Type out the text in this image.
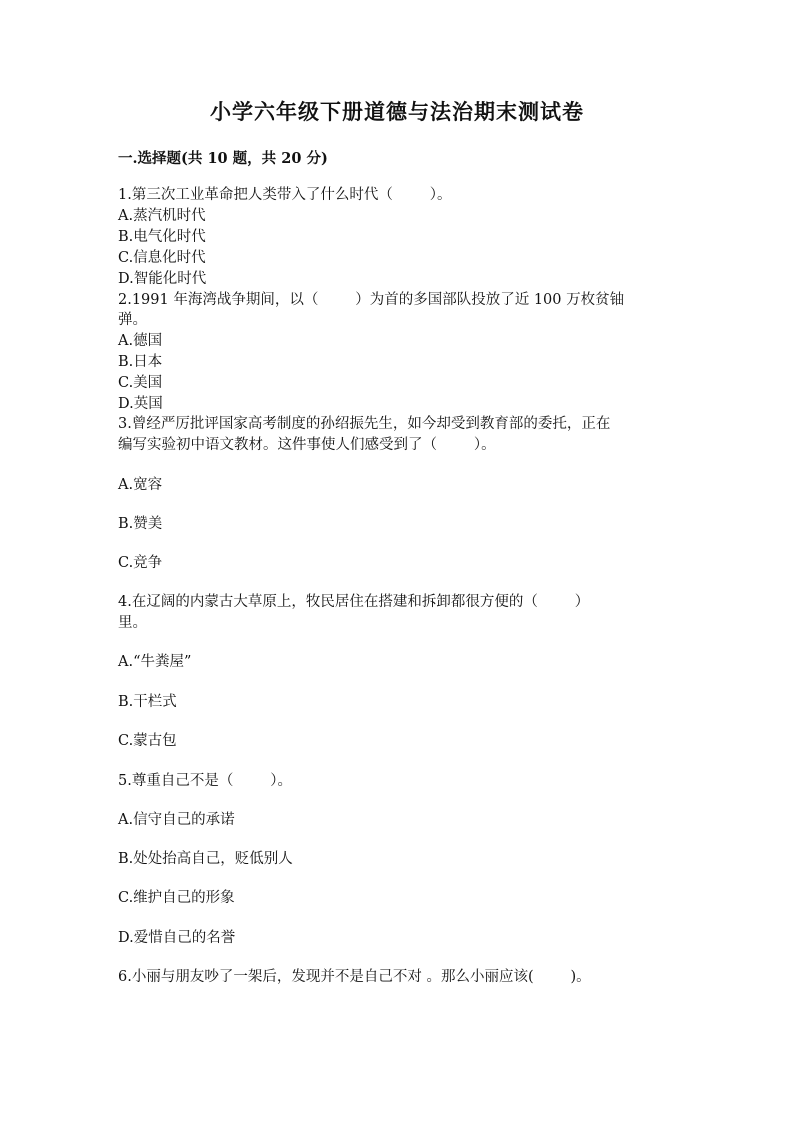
小学六年级下册道德与法治期末测试卷
一.选择题(共 10 题，共 20 分)

1.第三次工业革命把人类带入了什么时代（        ）。

A.蒸汽机时代

B.电气化时代

C.信息化时代

D.智能化时代

2.1991 年海湾战争期间，以（        ）为首的多国部队投放了近 100 万枚贫铀

弹。

A.德国

B.日本

C.美国

D.英国

3.曾经严厉批评国家高考制度的孙绍振先生，如今却受到教育部的委托，正在

编写实验初中语文教材。这件事使人们感受到了（        ）。

A.宽容

B.赞美

C.竞争

4.在辽阔的内蒙古大草原上，牧民居住在搭建和拆卸都很方便的（        ）

里。

A.“牛粪屋”

B.干栏式

C.蒙古包

5.尊重自己不是（        ）。

A.信守自己的承诺

B.处处抬高自己，贬低别人

C.维护自己的形象

D.爱惜自己的名誉

6.小丽与朋友吵了一架后，发现并不是自己不对 。那么小丽应该(        )。
